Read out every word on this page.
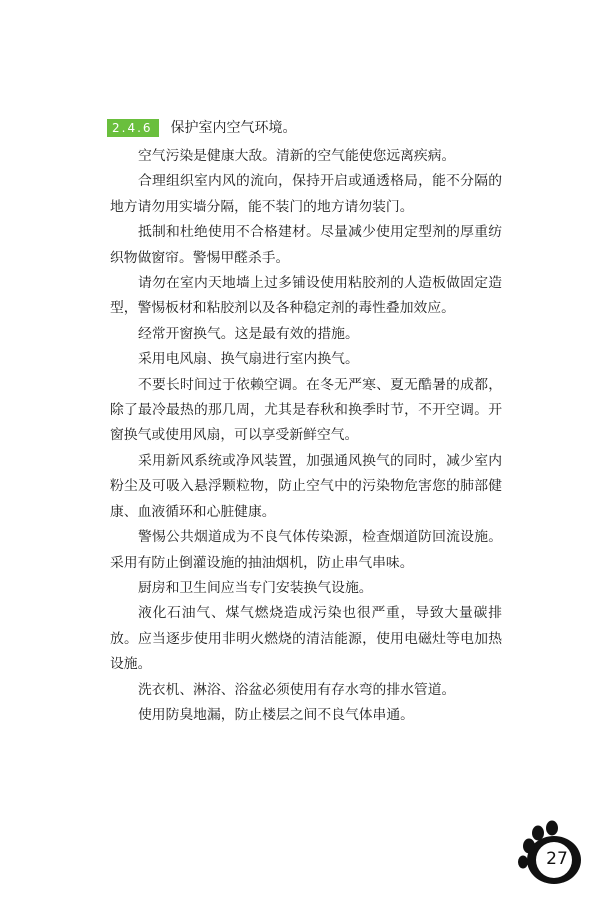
2.4.6	保护室内空气环境。

空气污染是健康大敌。清新的空气能使您远离疾病。

合理组织室内风的流向，保持开启或通透格局，能不分隔的地方请勿用实墙分隔，能不装门的地方请勿装门。

抵制和杜绝使用不合格建材。尽量减少使用定型剂的厚重纺织物做窗帘。警惕甲醛杀手。

请勿在室内天地墙上过多铺设使用粘胶剂的人造板做固定造型，警惕板材和粘胶剂以及各种稳定剂的毒性叠加效应。

经常开窗换气。这是最有效的措施。

采用电风扇、换气扇进行室内换气。

不要长时间过于依赖空调。在冬无严寒、夏无酷暑的成都，除了最冷最热的那几周，尤其是春秋和换季时节，不开空调。开窗换气或使用风扇，可以享受新鲜空气。

采用新风系统或净风装置，加强通风换气的同时，减少室内粉尘及可吸入悬浮颗粒物，防止空气中的污染物危害您的肺部健康、血液循环和心脏健康。

警惕公共烟道成为不良气体传染源，检查烟道防回流设施。采用有防止倒灌设施的抽油烟机，防止串气串味。

厨房和卫生间应当专门安装换气设施。

液化石油气、煤气燃烧造成污染也很严重，导致大量碳排放。应当逐步使用非明火燃烧的清洁能源，使用电磁灶等电加热设施。

洗衣机、淋浴、浴盆必须使用有存水弯的排水管道。

使用防臭地漏，防止楼层之间不良气体串通。

27
